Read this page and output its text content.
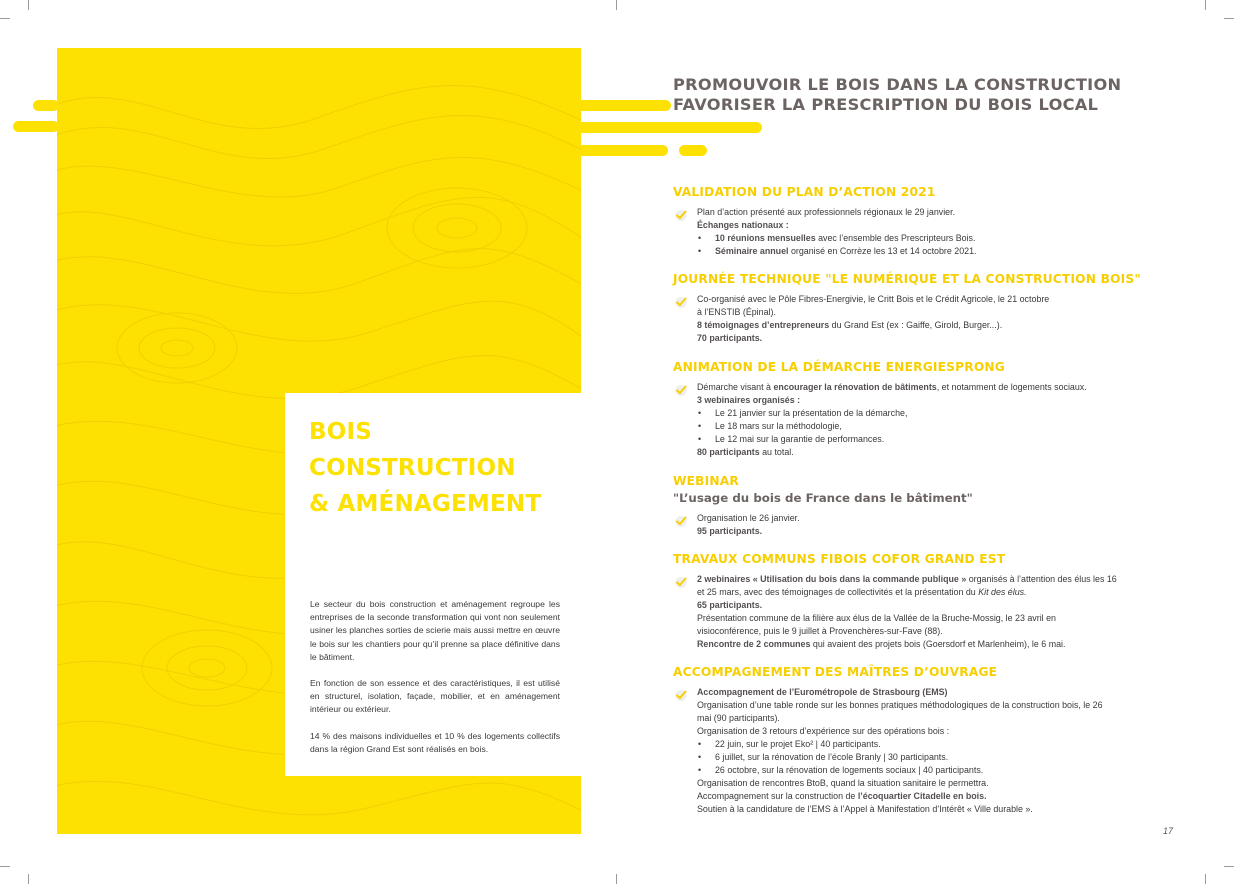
BOIS
CONSTRUCTION
& AMÉNAGEMENT

Le secteur du bois construction et aménagement regroupe les entreprises de la seconde transformation qui vont non seulement usiner les planches sorties de scierie mais aussi mettre en œuvre le bois sur les chantiers pour qu’il prenne sa place définitive dans le bâtiment.

En fonction de son essence et des caractéristiques, il est utilisé en structurel, isolation, façade, mobilier, et en aménagement intérieur ou extérieur.

14 % des maisons individuelles et 10 % des logements collectifs dans la région Grand Est sont réalisés en bois.

PROMOUVOIR LE BOIS DANS LA CONSTRUCTION
FAVORISER LA PRESCRIPTION DU BOIS LOCAL
VALIDATION DU PLAN D’ACTION 2021
Plan d’action présenté aux professionnels régionaux le 29 janvier.
Échanges nationaux :
• 10 réunions mensuelles avec l’ensemble des Prescripteurs Bois.
• Séminaire annuel organisé en Corrèze les 13 et 14 octobre 2021.
JOURNÉE TECHNIQUE "LE NUMÉRIQUE ET LA CONSTRUCTION BOIS"
Co-organisé avec le Pôle Fibres-Energivie, le Critt Bois et le Crédit Agricole, le 21 octobre
à l’ENSTIB (Épinal).
8 témoignages d’entrepreneurs du Grand Est (ex : Gaiffe, Girold, Burger...).
70 participants.
ANIMATION DE LA DÉMARCHE ENERGIESPRONG
Démarche visant à encourager la rénovation de bâtiments, et notamment de logements sociaux.
3 webinaires organisés :
• Le 21 janvier sur la présentation de la démarche,
• Le 18 mars sur la méthodologie,
• Le 12 mai sur la garantie de performances.
80 participants au total.
WEBINAR
"L’usage du bois de France dans le bâtiment"
Organisation le 26 janvier.
95 participants.
TRAVAUX COMMUNS FIBOIS COFOR GRAND EST
2 webinaires « Utilisation du bois dans la commande publique » organisés à l’attention des élus les 16
et 25 mars, avec des témoignages de collectivités et la présentation du Kit des élus.
65 participants.
Présentation commune de la filière aux élus de la Vallée de la Bruche-Mossig, le 23 avril en
visioconférence, puis le 9 juillet à Provenchères-sur-Fave (88).
Rencontre de 2 communes qui avaient des projets bois (Goersdorf et Marlenheim), le 6 mai.
ACCOMPAGNEMENT DES MAÎTRES D’OUVRAGE
Accompagnement de l’Eurométropole de Strasbourg (EMS)
Organisation d’une table ronde sur les bonnes pratiques méthodologiques de la construction bois, le 26
mai (90 participants).
Organisation de 3 retours d’expérience sur des opérations bois :
• 22 juin, sur le projet Eko² | 40 participants.
• 6 juillet, sur la rénovation de l’école Branly | 30 participants.
• 26 octobre, sur la rénovation de logements sociaux | 40 participants.
Organisation de rencontres BtoB, quand la situation sanitaire le permettra.
Accompagnement sur la construction de l’écoquartier Citadelle en bois.
Soutien à la candidature de l’EMS à l’Appel à Manifestation d’Intérêt « Ville durable ».
17
